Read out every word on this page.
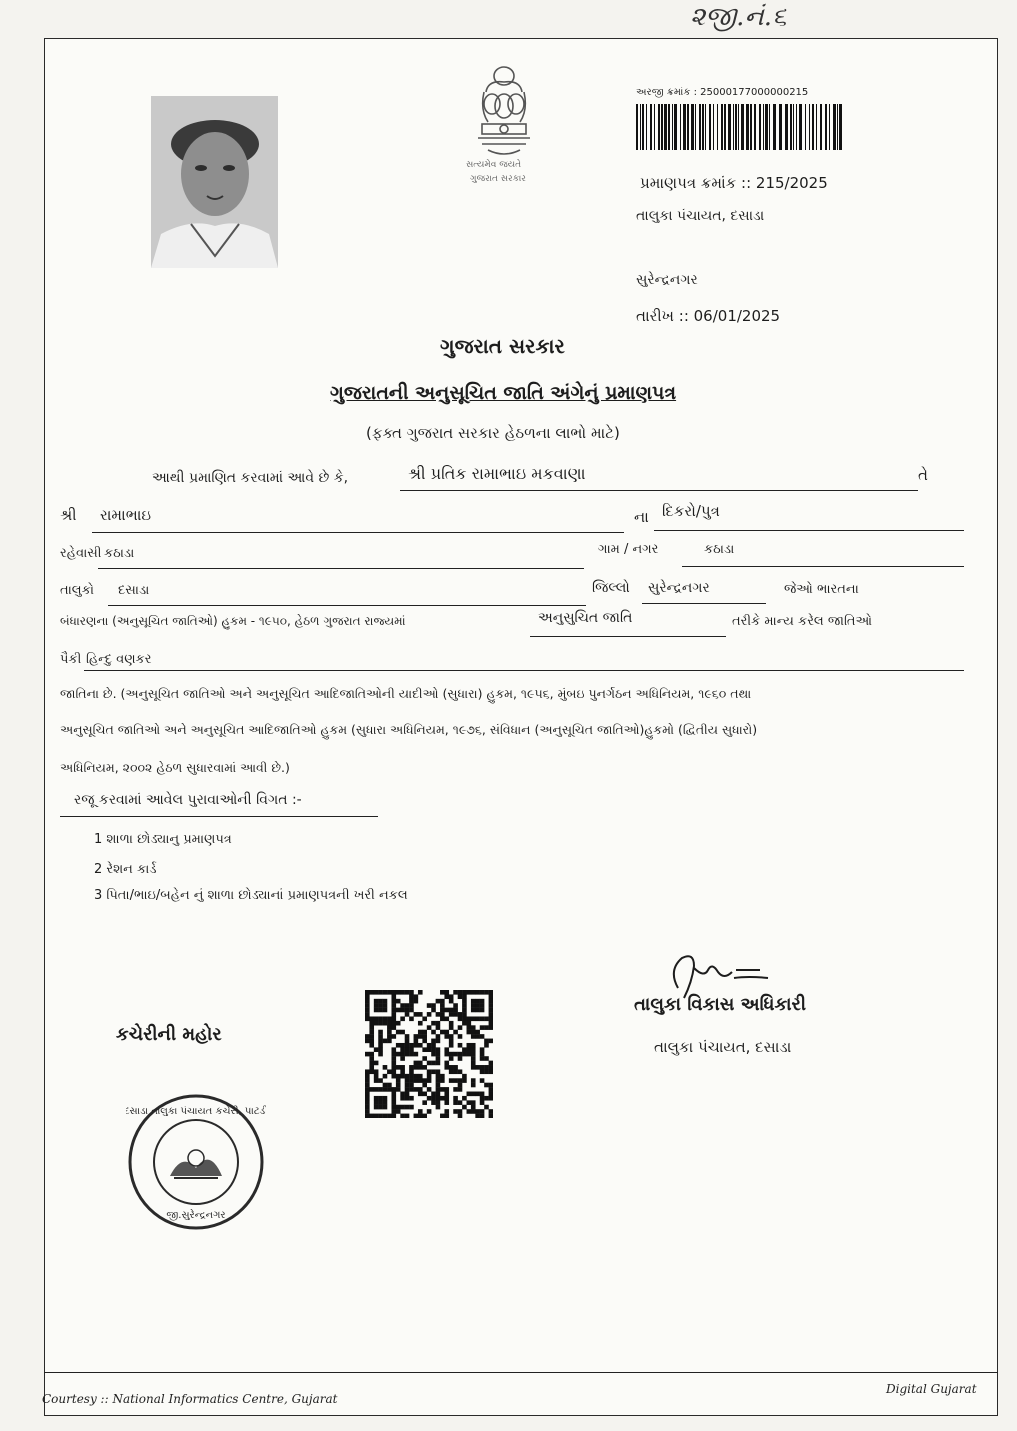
૨જી.નં.૬
સત્યમેવ જયતે
ગુજરાત સરકાર
અરજી ક્રમાંક : 25000177000000215
પ્રમાણપત્ર ક્રમાંક :: 215/2025
તાલુકા પંચાયત, દસાડા
સુરેન્દ્રનગર
તારીખ :: 06/01/2025
ગુજરાત સરકાર
ગુજરાતની અનુસૂચિત જાતિ અંગેનું પ્રમાણપત્ર
(ફક્ત ગુજરાત સરકાર હેઠળના લાભો માટે)
આથી પ્રમાણિત કરવામાં આવે છે કે,	શ્રી પ્રતિક રામાભાઇ મકવાણા	તે
શ્રી રામાભાઇ	ના દિકરો/પુત્ર
રહેવાસી કઠાડા	ગામ / નગર	કઠાડા
તાલુકો દસાડા	જિલ્લો સુરેન્દ્રનગર	જેઓ ભારતના
બંધારણના (અનુસૂચિત જાતિઓ) હુકમ - ૧૯૫૦, હેઠળ ગુજરાત રાજ્યમાં	અનુસુચિત જાતિ	તરીકે માન્ય કરેલ જાતિઓ
પૈકી હિન્દુ વણકર
જાતિના છે. (અનુસૂચિત જાતિઓ અને અનુસૂચિત આદિજાતિઓની યાદીઓ (સુધારા) હુકમ, ૧૯૫૬, મુંબઇ પુનર્ગઠન અધિનિયમ, ૧૯૬૦ તથા
અનુસૂચિત જાતિઓ અને અનુસૂચિત આદિજાતિઓ હુકમ (સુધારા અધિનિયમ, ૧૯૭૬, સંવિધાન (અનુસૂચિત જાતિઓ)હુકમો (દ્વિતીય સુધારો)
અધિનિયમ, ૨૦૦૨ હેઠળ સુધારવામાં આવી છે.)
રજૂ કરવામાં આવેલ પુરાવાઓની વિગત :-
1 શાળા છોડ્યાનુ પ્રમાણપત્ર
2 રેશન કાર્ડ
3 પિતા/ભાઇ/બહેન નું શાળા છોડ્યાનાં પ્રમાણપત્રની ખરી નકલ
કચેરીની મહોર
તાલુકા વિકાસ અધિકારી
તાલુકા પંચાયત, દસાડા
દસાડા તાલુકા પંચાયત કચેરી, પાટડી
જી.સુરેન્દ્રનગર
Courtesy :: National Informatics Centre, Gujarat
Digital Gujarat
